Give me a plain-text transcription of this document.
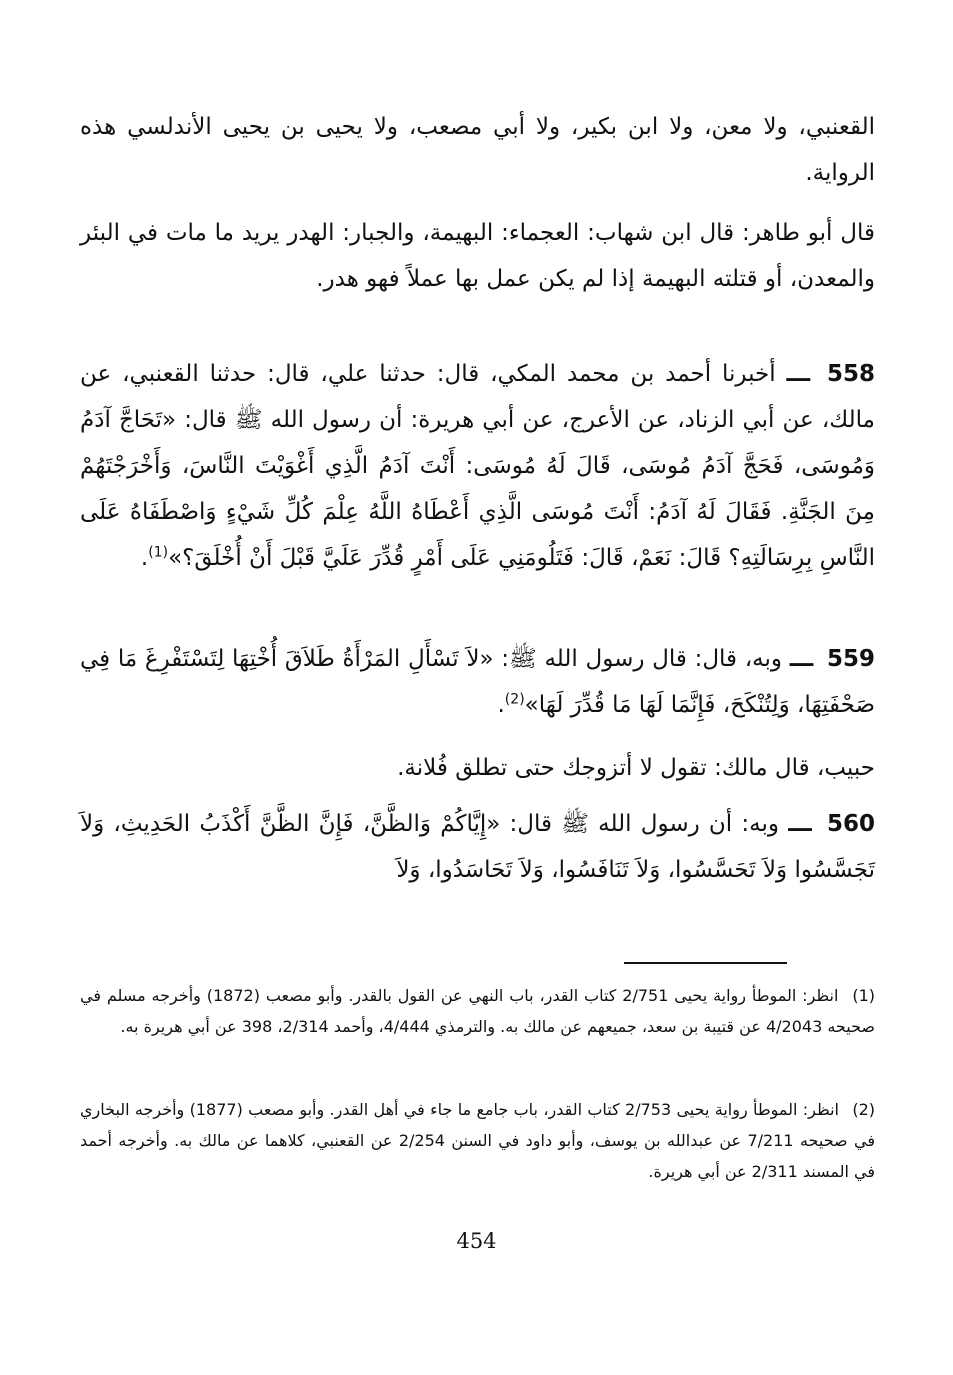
القعنبي، ولا معن، ولا ابن بكير، ولا أبي مصعب، ولا يحيى بن يحيى الأندلسي هذه الرواية.

قال أبو طاهر: قال ابن شهاب: العجماء: البهيمة، والجبار: الهدر يريد ما مات في البئر والمعدن، أو قتلته البهيمة إذا لم يكن عمل بها عملاً فهو هدر.

558 ـــ أخبرنا أحمد بن محمد المكي، قال: حدثنا علي، قال: حدثنا القعنبي، عن مالك، عن أبي الزناد، عن الأعرج، عن أبي هريرة: أن رسول الله ﷺ قال: «تَحَاجَّ آدَمُ وَمُوسَى، فَحَجَّ آدَمُ مُوسَى، قَالَ لَهُ مُوسَى: أَنْتَ آدَمُ الَّذِي أَغْوَيْتَ النَّاسَ، وَأَخْرَجْتَهُمْ مِنَ الجَنَّةِ. فَقَالَ لَهُ آدَمُ: أَنْتَ مُوسَى الَّذِي أَعْطَاهُ اللَّهُ عِلْمَ كُلِّ شَيْءٍ وَاصْطَفَاهُ عَلَى النَّاسِ بِرِسَالَتِهِ؟ قَالَ: نَعَمْ، قَالَ: فَتَلُومَنِي عَلَى أَمْرٍ قُدِّرَ عَلَيَّ قَبْلَ أَنْ أُخْلَقَ؟»$^{(1)}$.

559 ـــ وبه، قال: قال رسول الله ﷺ: «لاَ تَسْأَلِ المَرْأَةُ طَلاَقَ أُخْتِهَا لِتَسْتَفْرِغَ مَا فِي صَحْفَتِهَا، وَلِتُنْكَحَ، فَإِنَّمَا لَهَا مَا قُدِّرَ لَهَا»$^{(2)}$.

حبيب، قال مالك: تقول لا أتزوجك حتى تطلق فُلانة.

560 ـــ وبه: أن رسول الله ﷺ قال: «إِيَّاكُمْ وَالظَّنَّ، فَإِنَّ الظَّنَّ أَكْذَبُ الحَدِيثِ، وَلاَ تَجَسَّسُوا وَلاَ تَحَسَّسُوا، وَلاَ تَنَافَسُوا، وَلاَ تَحَاسَدُوا، وَلاَ

(1) انظر: الموطأ رواية يحيى 2/751 كتاب القدر، باب النهي عن القول بالقدر. وأبو مصعب (1872) وأخرجه مسلم في صحيحه 4/2043 عن قتيبة بن سعد، جميعهم عن مالك به. والترمذي 4/444، وأحمد 2/314، 398 عن أبي هريرة به.

(2) انظر: الموطأ رواية يحيى 2/753 كتاب القدر، باب جامع ما جاء في أهل القدر. وأبو مصعب (1877) وأخرجه البخاري في صحيحه 7/211 عن عبدالله بن يوسف، وأبو داود في السنن 2/254 عن القعنبي، كلاهما عن مالك به. وأخرجه أحمد في المسند 2/311 عن أبي هريرة.

454
